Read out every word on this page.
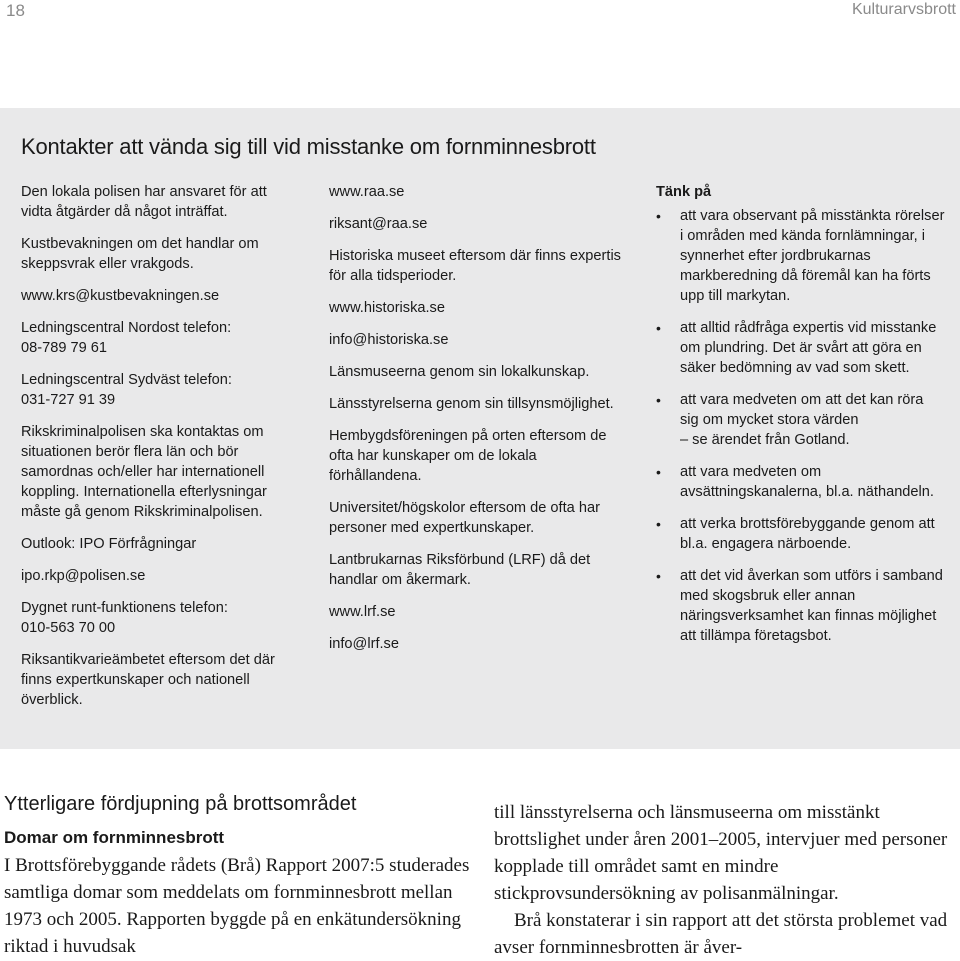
18	Kulturarvsbrott
Kontakter att vända sig till vid misstanke om fornminnesbrott

Den lokala polisen har ansvaret för att vidta åtgärder då något inträffat.

Kustbevakningen om det handlar om skeppsvrak eller vrakgods.

www.krs@kustbevakningen.se

Ledningscentral Nordost telefon: 08-789 79 61

Ledningscentral Sydväst telefon: 031-727 91 39

Rikskriminalpolisen ska kontaktas om situationen berör flera län och bör samordnas och/eller har internationell koppling. Internationella efterlysningar måste gå genom Rikskriminalpolisen.

Outlook: IPO Förfrågningar

ipo.rkp@polisen.se

Dygnet runt-funktionens telefon: 010-563 70 00

Riksantikvarieämbetet eftersom det där finns expertkunskaper och nationell överblick.

www.raa.se

riksant@raa.se

Historiska museet eftersom där finns expertis för alla tidsperioder.

www.historiska.se

info@historiska.se

Länsmuseerna genom sin lokalkunskap.

Länsstyrelserna genom sin tillsynsmöjlighet.

Hembygdsföreningen på orten eftersom de ofta har kunskaper om de lokala förhållandena.

Universitet/högskolor eftersom de ofta har personer med expertkunskaper.

Lantbrukarnas Riksförbund (LRF) då det handlar om åkermark.

www.lrf.se

info@lrf.se

Tänk på
• att vara observant på misstänkta rörelser i områden med kända fornlämningar, i synnerhet efter jordbrukarnas markberedning då föremål kan ha förts upp till markytan.
• att alltid rådfråga expertis vid misstanke om plundring. Det är svårt att göra en säker bedömning av vad som skett.
• att vara medveten om att det kan röra sig om mycket stora värden
– se ärendet från Gotland.
• att vara medveten om avsättningskanalerna, bl.a. näthandeln.
• att verka brottsförebyggande genom att bl.a. engagera närboende.
• att det vid åverkan som utförs i samband med skogsbruk eller annan näringsverksamhet kan finnas möjlighet att tillämpa företagsbot.
Ytterligare fördjupning på brottsområdet
Domar om fornminnesbrott

I Brottsförebyggande rådets (Brå) Rapport 2007:5 studerades samtliga domar som meddelats om fornminnesbrott mellan 1973 och 2005. Rapporten byggde på en enkätundersökning riktad i huvudsak

till länsstyrelserna och länsmuseerna om misstänkt brottslighet under åren 2001–2005, intervjuer med personer kopplade till området samt en mindre stickprovsundersökning av polisanmälningar.
Brå konstaterar i sin rapport att det största problemet vad avser fornminnesbrotten är åver-
